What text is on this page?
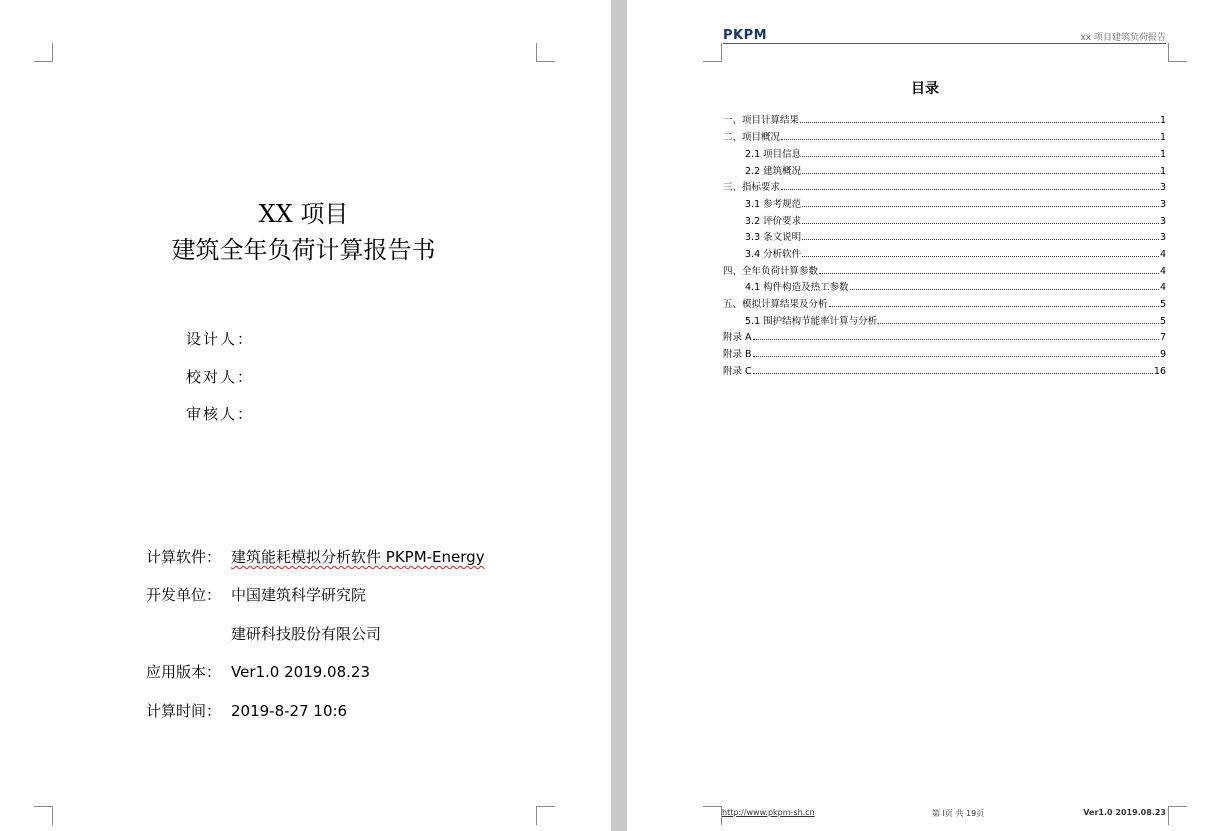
XX 项目
建筑全年负荷计算报告书
设计人：
校对人：
审核人：
计算软件： 建筑能耗模拟分析软件 PKPM-Energy
开发单位： 中国建筑科学研究院
建研科技股份有限公司
应用版本： Ver1.0 2019.08.23
计算时间： 2019-8-27 10:6
PKPM	xx 项目建筑负荷报告
目录
一、项目计算结果	1
二、项目概况	1
2.1 项目信息	1
2.2 建筑概况	1
三、指标要求	3
3.1 参考规范	3
3.2 评价要求	3
3.3 条文说明	3
3.4 分析软件	4
四、全年负荷计算参数	4
4.1 构件构造及热工参数	4
五、模拟计算结果及分析	5
5.1 围护结构节能率计算与分析	5
附录 A	7
附录 B	9
附录 C	16
http://www.pkpm-sh.cn	第 I页 共 19页	Ver1.0 2019.08.23
